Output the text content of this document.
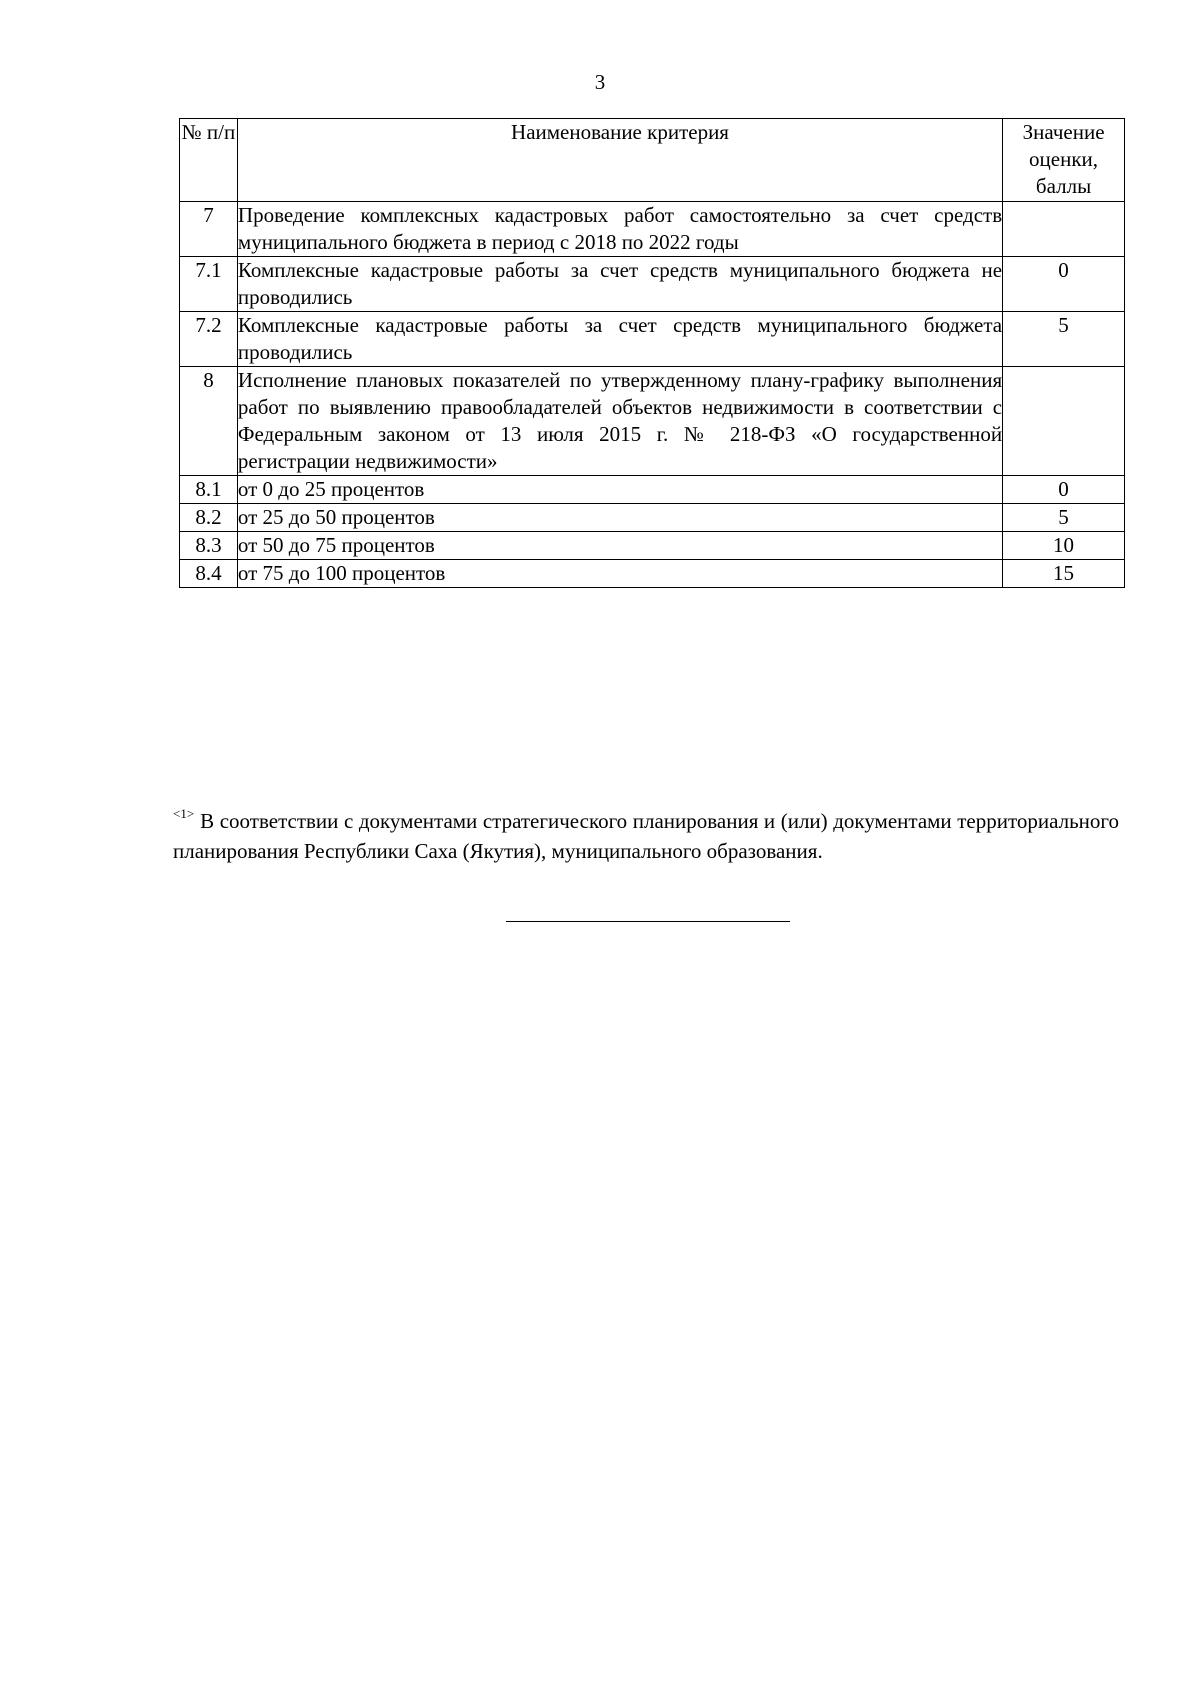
3
№ п/п	Наименование критерия	Значение оценки, баллы
7	Проведение комплексных кадастровых работ самостоятельно за счет средств муниципального бюджета в период с 2018 по 2022 годы	
7.1	Комплексные кадастровые работы за счет средств муниципального бюджета не проводились	0
7.2	Комплексные кадастровые работы за счет средств муниципального бюджета проводились	5
8	Исполнение плановых показателей по утвержденному плану-графику выполнения работ по выявлению правообладателей объектов недвижимости в соответствии с Федеральным законом от 13 июля 2015 г. № 218-ФЗ «О государственной регистрации недвижимости»	
8.1	от 0 до 25 процентов	0
8.2	от 25 до 50 процентов	5
8.3	от 50 до 75 процентов	10
8.4	от 75 до 100 процентов	15
$^{<1>}$ В соответствии с документами стратегического планирования и (или) документами территориального планирования Республики Саха (Якутия), муниципального образования.
